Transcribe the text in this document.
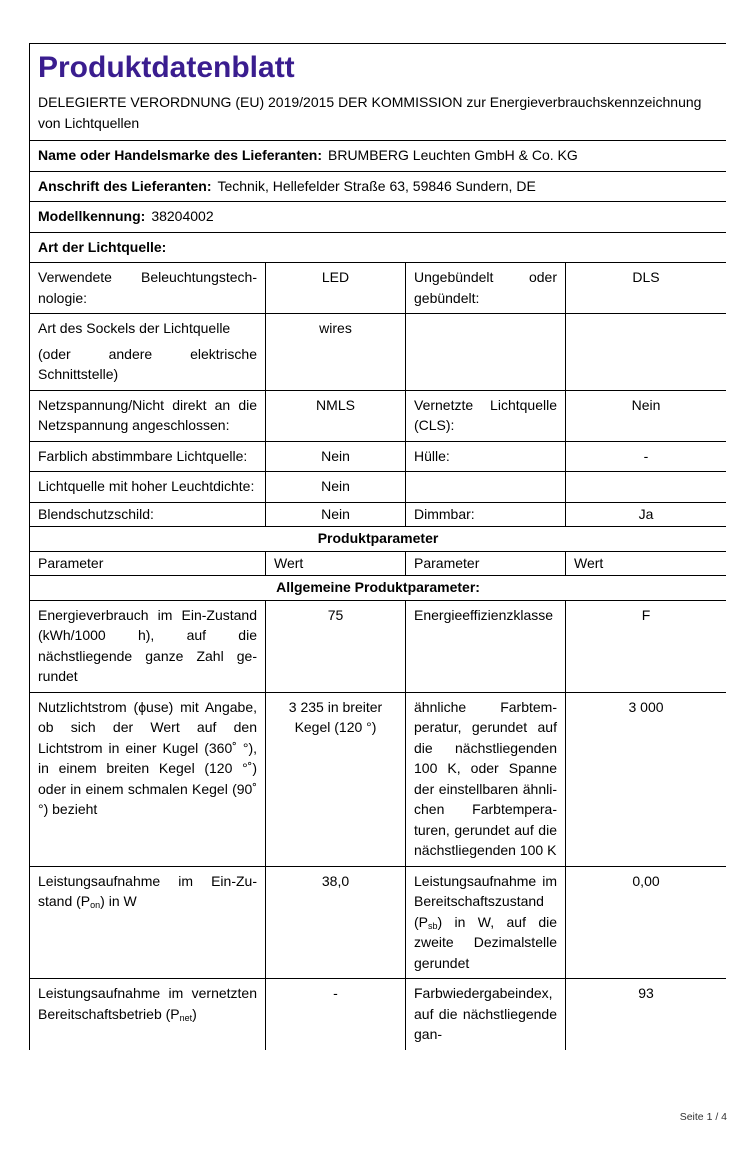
Produktdatenblatt
DELEGIERTE VERORDNUNG (EU) 2019/2015 DER KOMMISSION zur Energieverbrauchskennzeichnung von Lichtquellen			

Name oder Handelsmarke des Lieferanten: BRUMBERG Leuchten GmbH & Co. KG			
Anschrift des Lieferanten: Technik, Hellefelder Straße 63, 59846 Sundern, DE			
Modellkennung: 38204002			
Art der Lichtquelle:			
Verwendete Beleuchtungstechnologie:	LED	Ungebündelt oder gebündelt:	DLS

Art des Sockels der Lichtquelle
(oder andere elektrische Schnittstelle)	wires		
Netzspannung/Nicht direkt an die Netzspannung angeschlossen:	NMLS	Vernetzte Lichtquelle (CLS):	Nein
Farblich abstimmbare Lichtquelle:	Nein	Hülle:	-
Lichtquelle mit hoher Leuchtdichte:	Nein		
Blendschutzschild:	Nein	Dimmbar:	Ja
Produktparameter			
Parameter	Wert	Parameter	Wert
Allgemeine Produktparameter:			
Energieverbrauch im Ein-Zustand (kWh/1000 h), auf die nächstliegende ganze Zahl gerundet	75	Energieeffizienzklasse	F
Nutzlichtstrom (ϕuse) mit Angabe, ob sich der Wert auf den Lichtstrom in einer Kugel (360˚ °), in einem breiten Kegel (120 °˚) oder in einem schmalen Kegel (90˚ °) bezieht	3 235 in breiter Kegel (120 °)	ähnliche Farbtemperatur, gerundet auf die nächstliegenden 100 K, oder Spanne der einstellbaren ähnlichen Farbtemperaturen, gerundet auf die nächstliegenden 100 K	3 000
Leistungsaufnahme im Ein-Zustand $(P_{on})$ in W	38,0	Leistungsaufnahme im Bereitschaftszustand $(P_{sb})$ in W, auf die zweite Dezimalstelle gerundet	0,00
Leistungsaufnahme im vernetzten Bereitschaftsbetrieb $(P_{net})$	-	Farbwiedergabeindex, auf die nächstliegende gan-	93
Seite 1 / 4
